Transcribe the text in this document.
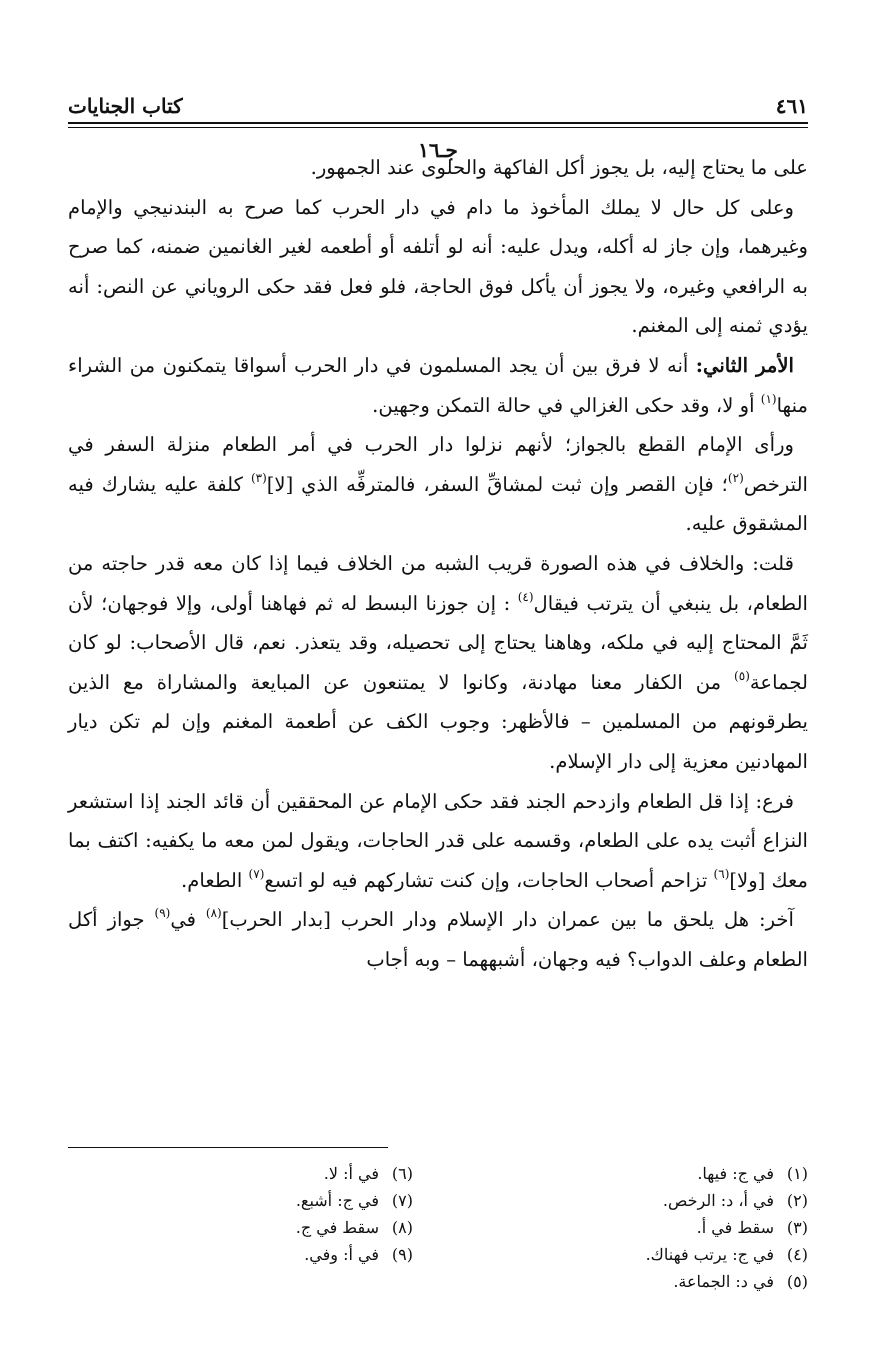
٤٦١
كتاب الجنايات
جـ١٦

على ما يحتاج إليه، بل يجوز أكل الفاكهة والحلوى عند الجمهور.

وعلى كل حال لا يملك المأخوذ ما دام في دار الحرب كما صرح به البندنيجي والإمام وغيرهما، وإن جاز له أكله، ويدل عليه: أنه لو أتلفه أو أطعمه لغير الغانمين ضمنه، كما صرح به الرافعي وغيره، ولا يجوز أن يأكل فوق الحاجة، فلو فعل فقد حكى الروياني عن النص: أنه يؤدي ثمنه إلى المغنم.

الأمر الثاني: أنه لا فرق بين أن يجد المسلمون في دار الحرب أسواقا يتمكنون من الشراء منها$^{(١)}$ أو لا، وقد حكى الغزالي في حالة التمكن وجهين.

ورأى الإمام القطع بالجواز؛ لأنهم نزلوا دار الحرب في أمر الطعام منزلة السفر في الترخص$^{(٢)}$؛ فإن القصر وإن ثبت لمشاقِّ السفر، فالمترفِّه الذي [لا]$^{(٣)}$ كلفة عليه يشارك فيه المشقوق عليه.

قلت: والخلاف في هذه الصورة قريب الشبه من الخلاف فيما إذا كان معه قدر حاجته من الطعام، بل ينبغي أن يترتب فيقال$^{(٤)}$ : إن جوزنا البسط له ثم فهاهنا أولى، وإلا فوجهان؛ لأن ثَمَّ المحتاج إليه في ملكه، وهاهنا يحتاج إلى تحصيله، وقد يتعذر. نعم، قال الأصحاب: لو كان لجماعة$^{(٥)}$ من الكفار معنا مهادنة، وكانوا لا يمتنعون عن المبايعة والمشاراة مع الذين يطرقونهم من المسلمين – فالأظهر: وجوب الكف عن أطعمة المغنم وإن لم تكن ديار المهادنين معزية إلى دار الإسلام.

فرع: إذا قل الطعام وازدحم الجند فقد حكى الإمام عن المحققين أن قائد الجند إذا استشعر النزاع أثبت يده على الطعام، وقسمه على قدر الحاجات، ويقول لمن معه ما يكفيه: اكتف بما معك [ولا]$^{(٦)}$ تزاحم أصحاب الحاجات، وإن كنت تشاركهم فيه لو اتسع$^{(٧)}$ الطعام.

آخر: هل يلحق ما بين عمران دار الإسلام ودار الحرب [بدار الحرب]$^{(٨)}$ في$^{(٩)}$ جواز أكل الطعام وعلف الدواب؟ فيه وجهان، أشبههما – وبه أجاب

(١)في ج: فيها.
(٢)في أ، د: الرخص.
(٣)سقط في أ.
(٤)في ج: يرتب فهناك.
(٥)في د: الجماعة.
(٦)في أ: لا.
(٧)في ج: أشبع.
(٨)سقط في ج.
(٩)في أ: وفي.
